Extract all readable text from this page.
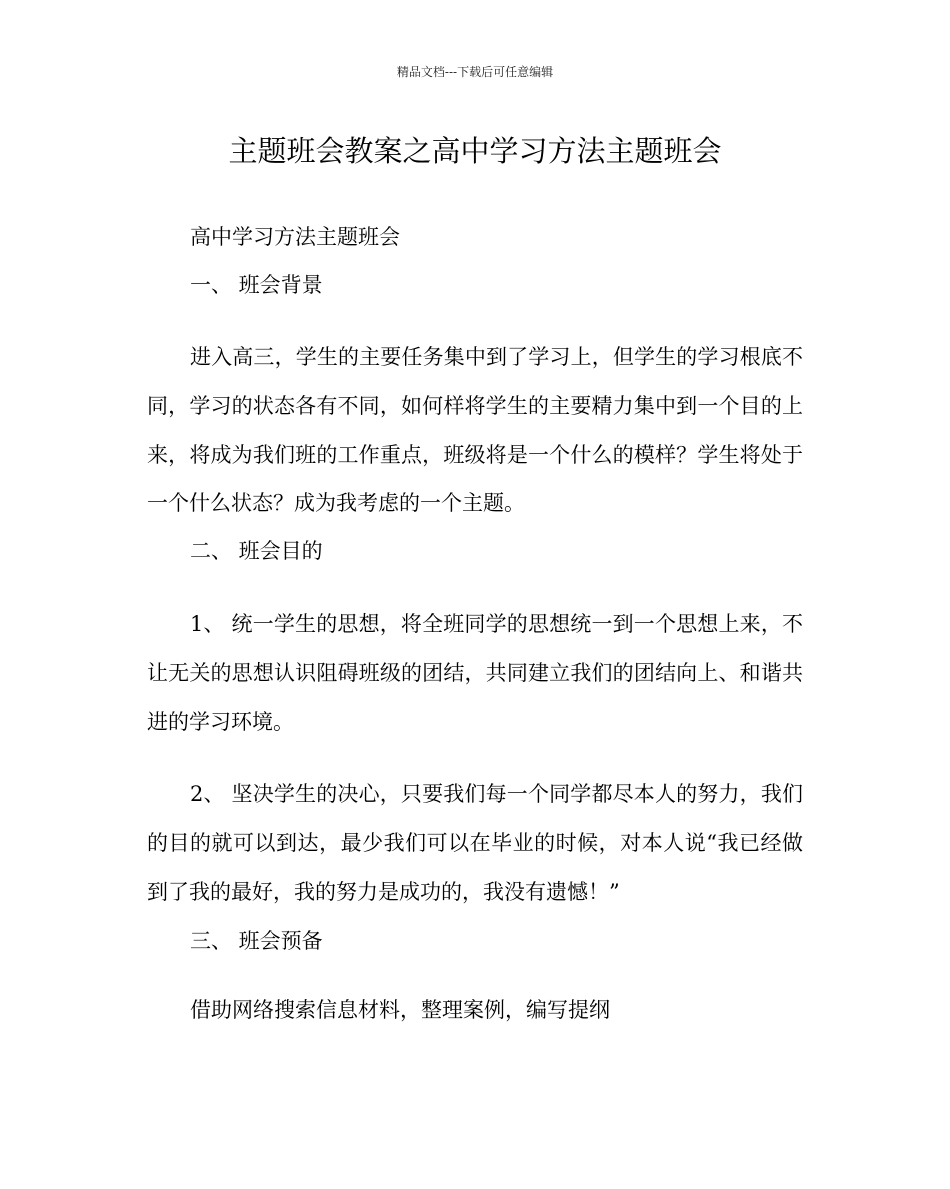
精品文档---下载后可任意编辑
主题班会教案之高中学习方法主题班会
高中学习方法主题班会
一、 班会背景

进入高三，学生的主要任务集中到了学习上，但学生的学习根底不同，学习的状态各有不同，如何样将学生的主要精力集中到一个目的上来，将成为我们班的工作重点，班级将是一个什么的模样？学生将处于一个什么状态？成为我考虑的一个主题。

二、 班会目的

1、 统一学生的思想，将全班同学的思想统一到一个思想上来，不让无关的思想认识阻碍班级的团结，共同建立我们的团结向上、和谐共进的学习环境。

2、 坚决学生的决心，只要我们每一个同学都尽本人的努力，我们的目的就可以到达，最少我们可以在毕业的时候，对本人说“我已经做到了我的最好，我的努力是成功的，我没有遗憾！”

三、 班会预备
借助网络搜索信息材料，整理案例，编写提纲
